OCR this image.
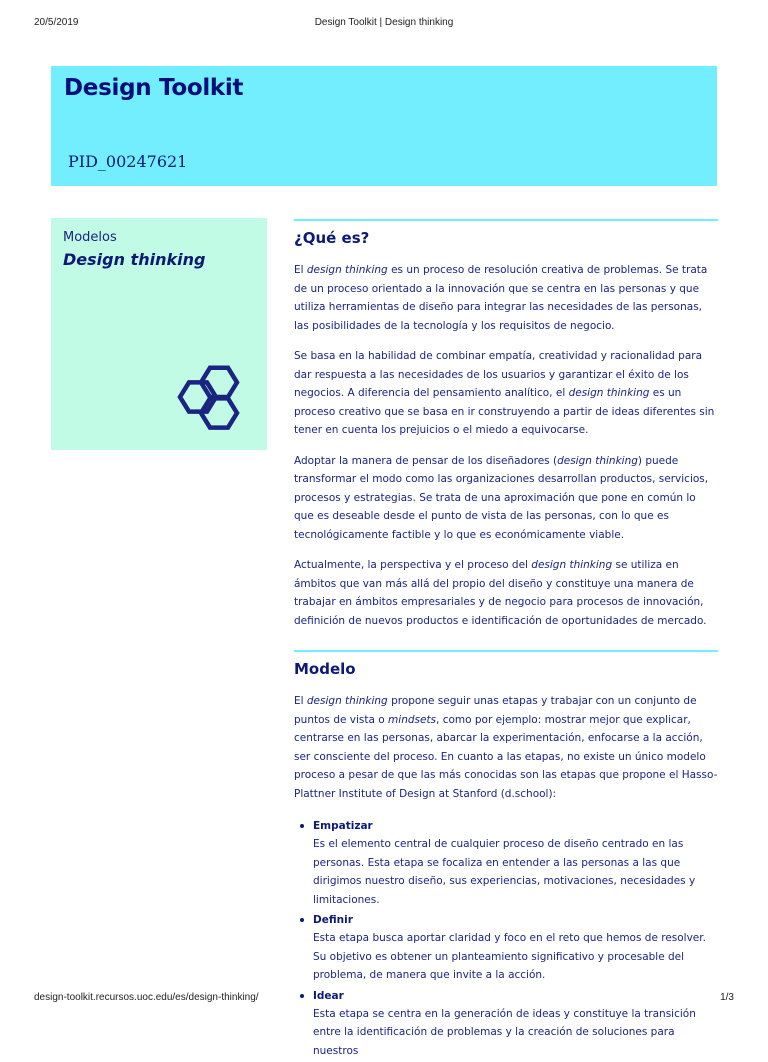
20/5/2019	Design Toolkit | Design thinking
Design Toolkit
PID_00247621
Modelos
Design thinking
¿Qué es?

El design thinking es un proceso de resolución creativa de problemas. Se trata de un proceso orientado a la innovación que se centra en las personas y que utiliza herramientas de diseño para integrar las necesidades de las personas, las posibilidades de la tecnología y los requisitos de negocio.

Se basa en la habilidad de combinar empatía, creatividad y racionalidad para dar respuesta a las necesidades de los usuarios y garantizar el éxito de los negocios. A diferencia del pensamiento analítico, el design thinking es un proceso creativo que se basa en ir construyendo a partir de ideas diferentes sin tener en cuenta los prejuicios o el miedo a equivocarse.

Adoptar la manera de pensar de los diseñadores (design thinking) puede transformar el modo como las organizaciones desarrollan productos, servicios, procesos y estrategias. Se trata de una aproximación que pone en común lo que es deseable desde el punto de vista de las personas, con lo que es tecnológicamente factible y lo que es económicamente viable.

Actualmente, la perspectiva y el proceso del design thinking se utiliza en ámbitos que van más allá del propio del diseño y constituye una manera de trabajar en ámbitos empresariales y de negocio para procesos de innovación, definición de nuevos productos e identificación de oportunidades de mercado.

Modelo

El design thinking propone seguir unas etapas y trabajar con un conjunto de puntos de vista o mindsets, como por ejemplo: mostrar mejor que explicar, centrarse en las personas, abarcar la experimentación, enfocarse a la acción, ser consciente del proceso. En cuanto a las etapas, no existe un único modelo proceso a pesar de que las más conocidas son las etapas que propone el Hasso-Plattner Institute of Design at Stanford (d.school):

Empatizar
Es el elemento central de cualquier proceso de diseño centrado en las personas. Esta etapa se focaliza en entender a las personas a las que dirigimos nuestro diseño, sus experiencias, motivaciones, necesidades y limitaciones.
Definir
Esta etapa busca aportar claridad y foco en el reto que hemos de resolver. Su objetivo es obtener un planteamiento significativo y procesable del problema, de manera que invite a la acción.
Idear
Esta etapa se centra en la generación de ideas y constituye la transición entre la identificación de problemas y la creación de soluciones para nuestros
design-toolkit.recursos.uoc.edu/es/design-thinking/	1/3
